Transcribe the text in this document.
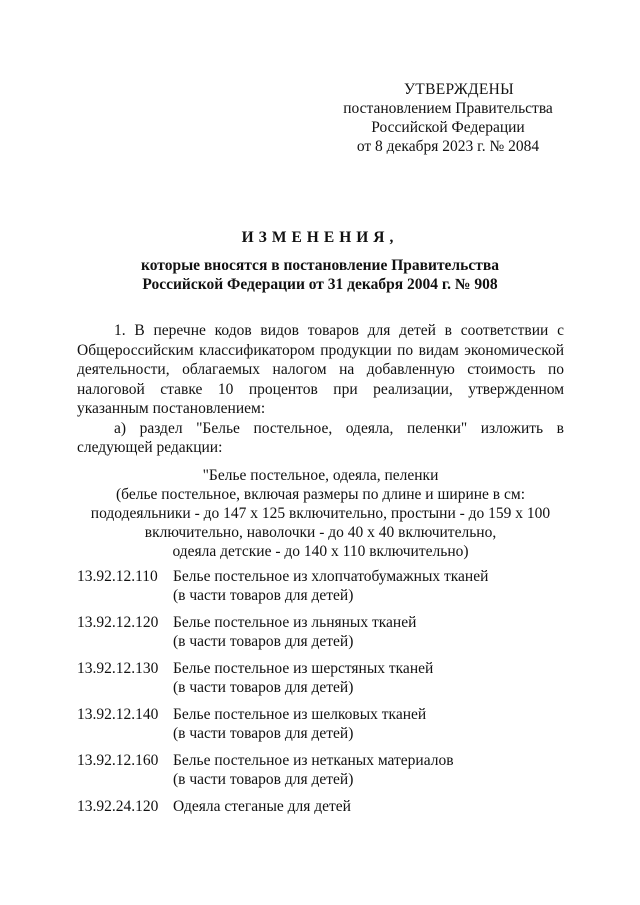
УТВЕРЖДЕНЫ
постановлением Правительства
Российской Федерации
от 8 декабря 2023 г. № 2084
ИЗМЕНЕНИЯ,
которые вносятся в постановление Правительства
Российской Федерации от 31 декабря 2004 г. № 908

1. В перечне кодов видов товаров для детей в соответствии с Общероссийским классификатором продукции по видам экономической деятельности, облагаемых налогом на добавленную стоимость по налоговой ставке 10 процентов при реализации, утвержденном указанным постановлением:

а) раздел "Белье постельное, одеяла, пеленки" изложить в следующей редакции:

"Белье постельное, одеяла, пеленки
(белье постельное, включая размеры по длине и ширине в см:
пододеяльники - до 147 x 125 включительно, простыни - до 159 x 100
включительно, наволочки - до 40 x 40 включительно,
одеяла детские - до 140 x 110 включительно)
13.92.12.110 Белье постельное из хлопчатобумажных тканей
(в части товаров для детей)
13.92.12.120 Белье постельное из льняных тканей
(в части товаров для детей)
13.92.12.130 Белье постельное из шерстяных тканей
(в части товаров для детей)
13.92.12.140 Белье постельное из шелковых тканей
(в части товаров для детей)
13.92.12.160 Белье постельное из нетканых материалов
(в части товаров для детей)
13.92.24.120 Одеяла стеганые для детей
